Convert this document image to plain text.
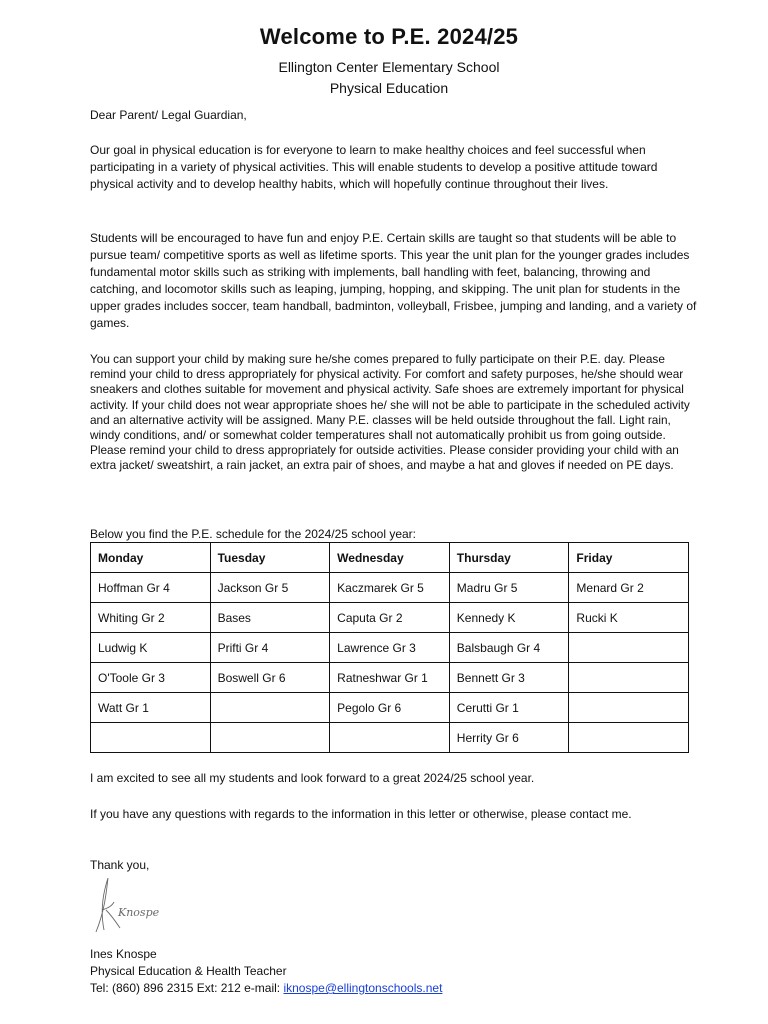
Welcome to P.E. 2024/25
Ellington Center Elementary School
Physical Education
Dear Parent/ Legal Guardian,
Our goal in physical education is for everyone to learn to make healthy choices and feel successful when participating in a variety of physical activities. This will enable students to develop a positive attitude toward physical activity and to develop healthy habits, which will hopefully continue throughout their lives.
Students will be encouraged to have fun and enjoy P.E. Certain skills are taught so that students will be able to pursue team/ competitive sports as well as lifetime sports. This year the unit plan for the younger grades includes fundamental motor skills such as striking with implements, ball handling with feet, balancing, throwing and catching, and locomotor skills such as leaping, jumping, hopping, and skipping. The unit plan for students in the upper grades includes soccer, team handball, badminton, volleyball, Frisbee, jumping and landing, and a variety of games.
You can support your child by making sure he/she comes prepared to fully participate on their P.E. day. Please remind your child to dress appropriately for physical activity. For comfort and safety purposes, he/she should wear sneakers and clothes suitable for movement and physical activity. Safe shoes are extremely important for physical activity. If your child does not wear appropriate shoes he/ she will not be able to participate in the scheduled activity and an alternative activity will be assigned. Many P.E. classes will be held outside throughout the fall. Light rain, windy conditions, and/ or somewhat colder temperatures shall not automatically prohibit us from going outside. Please remind your child to dress appropriately for outside activities. Please consider providing your child with an extra jacket/ sweatshirt, a rain jacket, an extra pair of shoes, and maybe a hat and gloves if needed on PE days.
Below you find the P.E. schedule for the 2024/25 school year:
Monday	Tuesday	Wednesday	Thursday	Friday
Hoffman Gr 4	Jackson Gr 5	Kaczmarek Gr 5	Madru Gr 5	Menard Gr 2
Whiting Gr 2	Bases	Caputa Gr 2	Kennedy K	Rucki K
Ludwig K	Prifti Gr 4	Lawrence Gr 3	Balsbaugh Gr 4	
O'Toole Gr 3	Boswell Gr 6	Ratneshwar Gr 1	Bennett Gr 3	
Watt Gr 1		Pegolo Gr 6	Cerutti Gr 1	
			Herrity Gr 6	
I am excited to see all my students and look forward to a great 2024/25 school year.
If you have any questions with regards to the information in this letter or otherwise, please contact me.
Thank you,
Knospe
Ines Knospe
Physical Education & Health Teacher
Tel: (860) 896 2315 Ext: 212 e-mail: iknospe@ellingtonschools.net
